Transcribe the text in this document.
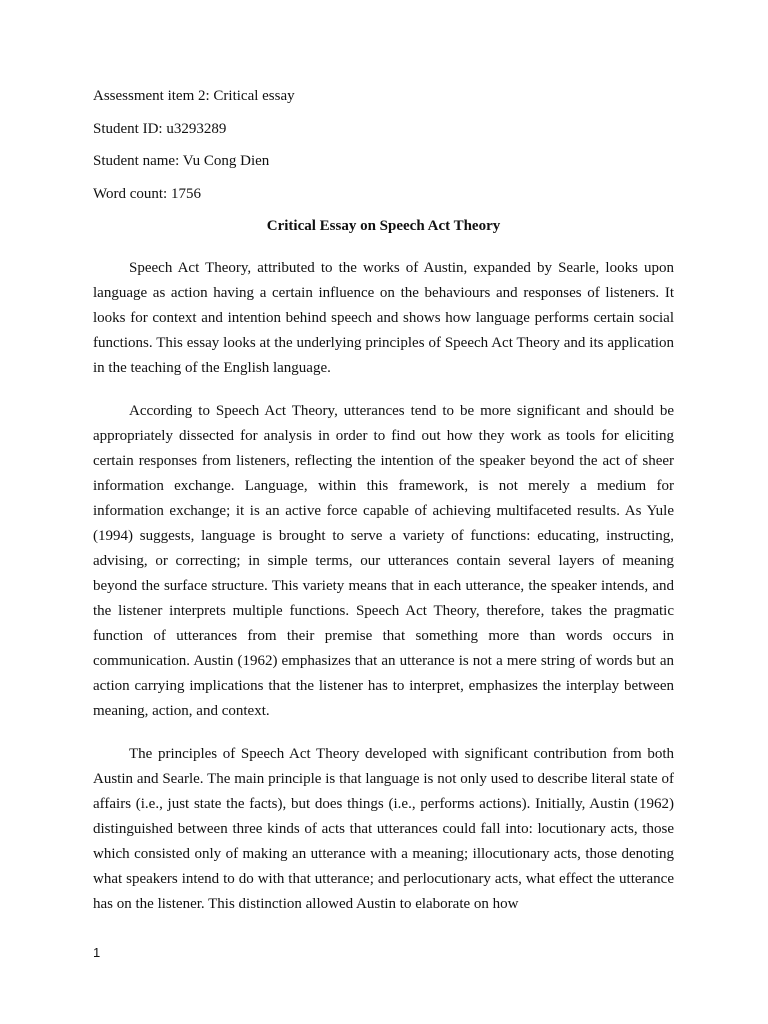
Assessment item 2: Critical essay
Student ID: u3293289
Student name: Vu Cong Dien
Word count: 1756
Critical Essay on Speech Act Theory

Speech Act Theory, attributed to the works of Austin, expanded by Searle, looks upon language as action having a certain influence on the behaviours and responses of listeners. It looks for context and intention behind speech and shows how language performs certain social functions. This essay looks at the underlying principles of Speech Act Theory and its application in the teaching of the English language.

According to Speech Act Theory, utterances tend to be more significant and should be appropriately dissected for analysis in order to find out how they work as tools for eliciting certain responses from listeners, reflecting the intention of the speaker beyond the act of sheer information exchange. Language, within this framework, is not merely a medium for information exchange; it is an active force capable of achieving multifaceted results. As Yule (1994) suggests, language is brought to serve a variety of functions: educating, instructing, advising, or correcting; in simple terms, our utterances contain several layers of meaning beyond the surface structure. This variety means that in each utterance, the speaker intends, and the listener interprets multiple functions. Speech Act Theory, therefore, takes the pragmatic function of utterances from their premise that something more than words occurs in communication. Austin (1962) emphasizes that an utterance is not a mere string of words but an action carrying implications that the listener has to interpret, emphasizes the interplay between meaning, action, and context.

The principles of Speech Act Theory developed with significant contribution from both Austin and Searle. The main principle is that language is not only used to describe literal state of affairs (i.e., just state the facts), but does things (i.e., performs actions). Initially, Austin (1962) distinguished between three kinds of acts that utterances could fall into: locutionary acts, those which consisted only of making an utterance with a meaning; illocutionary acts, those denoting what speakers intend to do with that utterance; and perlocutionary acts, what effect the utterance has on the listener. This distinction allowed Austin to elaborate on how

1
